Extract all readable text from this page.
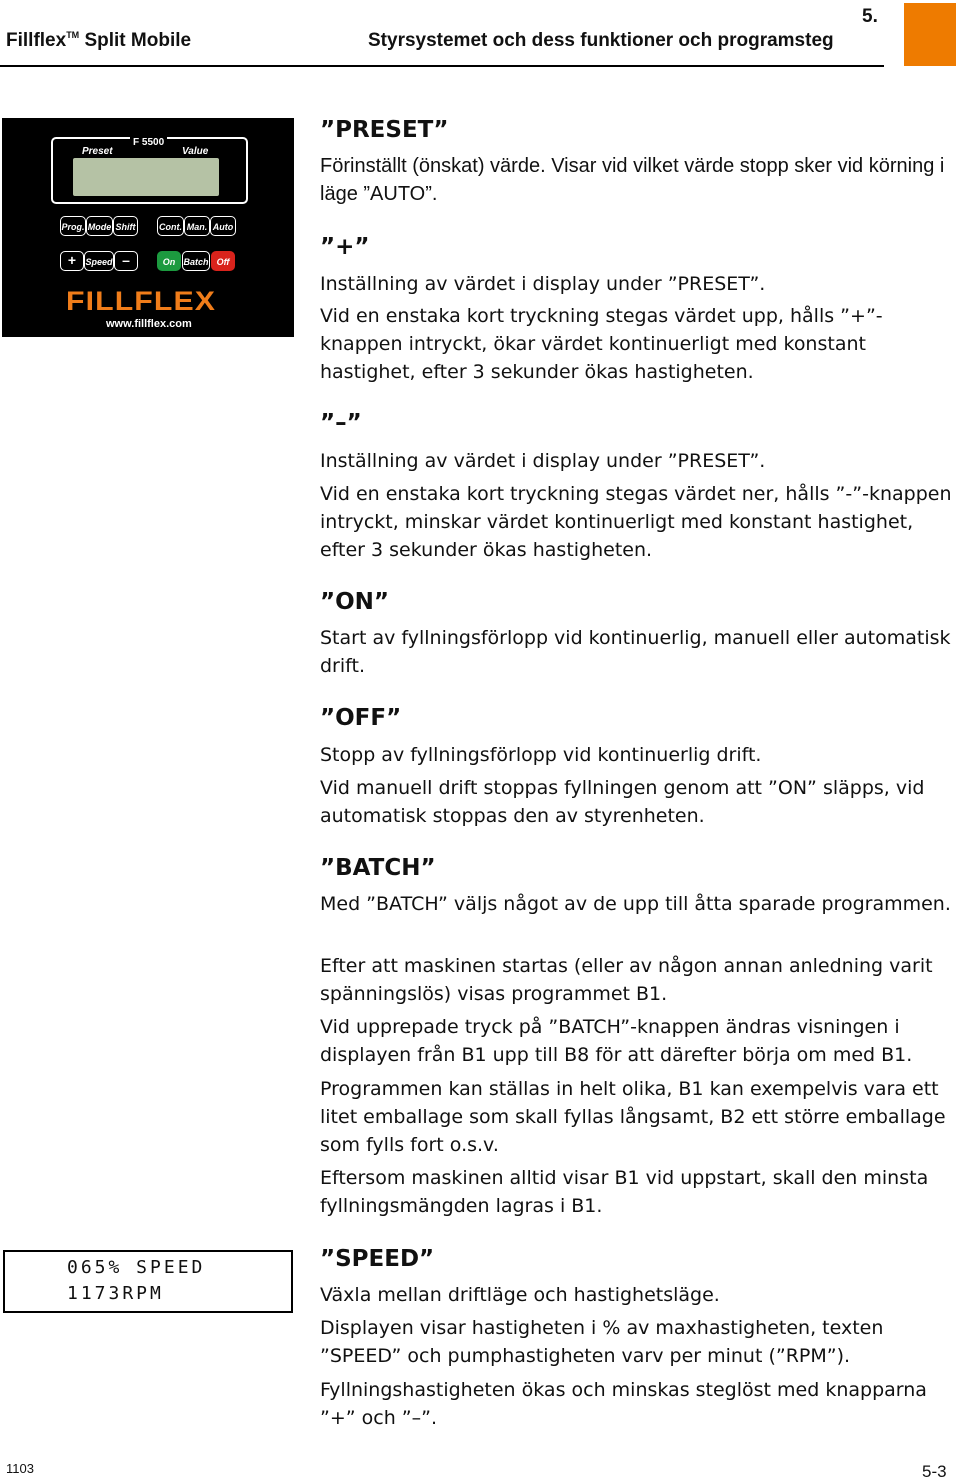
Fillflex™ Split Mobile	Styrsystemet och dess funktioner och programsteg
5.
F 5500
Preset	Value
Prog. Mode Shift	Cont. Man. Auto
+	Speed –	On Batch Off
FILLFLEX
www.fillflex.com
065% SPEED
1173RPM
”PRESET”
Förinställt (önskat) värde. Visar vid vilket värde stopp sker vid körning i läge ”AUTO”.
”+”
Inställning av värdet i display under ”PRESET”.
Vid en enstaka kort tryckning stegas värdet upp, hålls ”+”-knappen intryckt, ökar värdet kontinuerligt med konstant hastighet, efter 3 sekunder ökas hastigheten.
”–”
Inställning av värdet i display under ”PRESET”.
Vid en enstaka kort tryckning stegas värdet ner, hålls ”-”-knappen intryckt, minskar värdet kontinuerligt med konstant hastighet, efter 3 sekunder ökas hastigheten.
”ON”
Start av fyllningsförlopp vid kontinuerlig, manuell eller automatisk drift.
”OFF”
Stopp av fyllningsförlopp vid kontinuerlig drift.
Vid manuell drift stoppas fyllningen genom att ”ON” släpps, vid automatisk stoppas den av styrenheten.
”BATCH”
Med ”BATCH” väljs något av de upp till åtta sparade programmen.
Efter att maskinen startas (eller av någon annan anledning varit spänningslös) visas programmet B1.
Vid upprepade tryck på ”BATCH”-knappen ändras visningen i displayen från B1 upp till B8 för att därefter börja om med B1.
Programmen kan ställas in helt olika, B1 kan exempelvis vara ett litet emballage som skall fyllas långsamt, B2 ett större emballage som fylls fort o.s.v.
Eftersom maskinen alltid visar B1 vid uppstart, skall den minsta fyllningsmängden lagras i B1.
”SPEED”
Växla mellan driftläge och hastighetsläge.
Displayen visar hastigheten i % av maxhastigheten, texten ”SPEED” och pumphastigheten varv per minut (”RPM”).
Fyllningshastigheten ökas och minskas steglöst med knapparna ”+” och ”–”.
1103	5-3
